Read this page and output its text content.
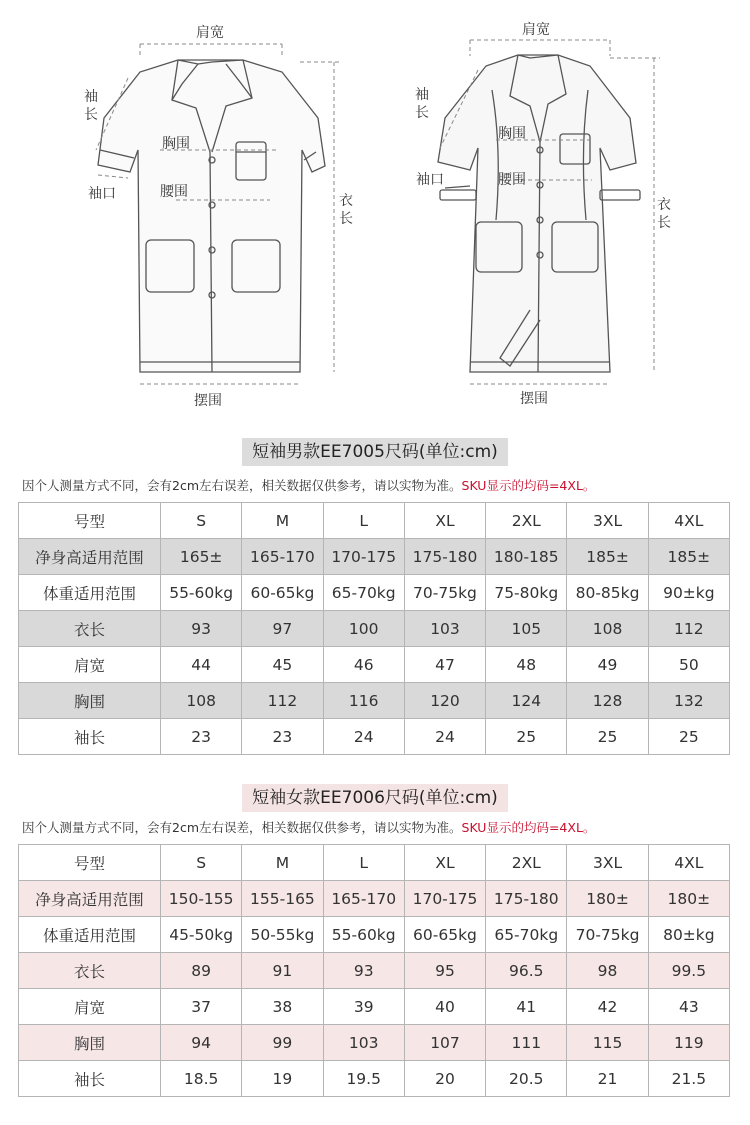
肩宽
袖长
胸围
袖口	腰围
衣长
摆围
肩宽
袖长
胸围
袖口	腰围
衣长
摆围
短袖男款EE7005尺码(单位:cm)
因个人测量方式不同，会有2cm左右误差，相关数据仅供参考，请以实物为准。SKU显示的均码=4XL。
号型	S	M	L	XL	2XL	3XL	4XL
净身高适用范围	165±	165-170	170-175	175-180	180-185	185±	185±
体重适用范围	55-60kg	60-65kg	65-70kg	70-75kg	75-80kg	80-85kg	90±kg
衣长	93	97	100	103	105	108	112
肩宽	44	45	46	47	48	49	50
胸围	108	112	116	120	124	128	132
袖长	23	23	24	24	25	25	25
短袖女款EE7006尺码(单位:cm)
因个人测量方式不同，会有2cm左右误差，相关数据仅供参考，请以实物为准。SKU显示的均码=4XL。
号型	S	M	L	XL	2XL	3XL	4XL
净身高适用范围	150-155	155-165	165-170	170-175	175-180	180±	180±
体重适用范围	45-50kg	50-55kg	55-60kg	60-65kg	65-70kg	70-75kg	80±kg
衣长	89	91	93	95	96.5	98	99.5
肩宽	37	38	39	40	41	42	43
胸围	94	99	103	107	111	115	119
袖长	18.5	19	19.5	20	20.5	21	21.5
